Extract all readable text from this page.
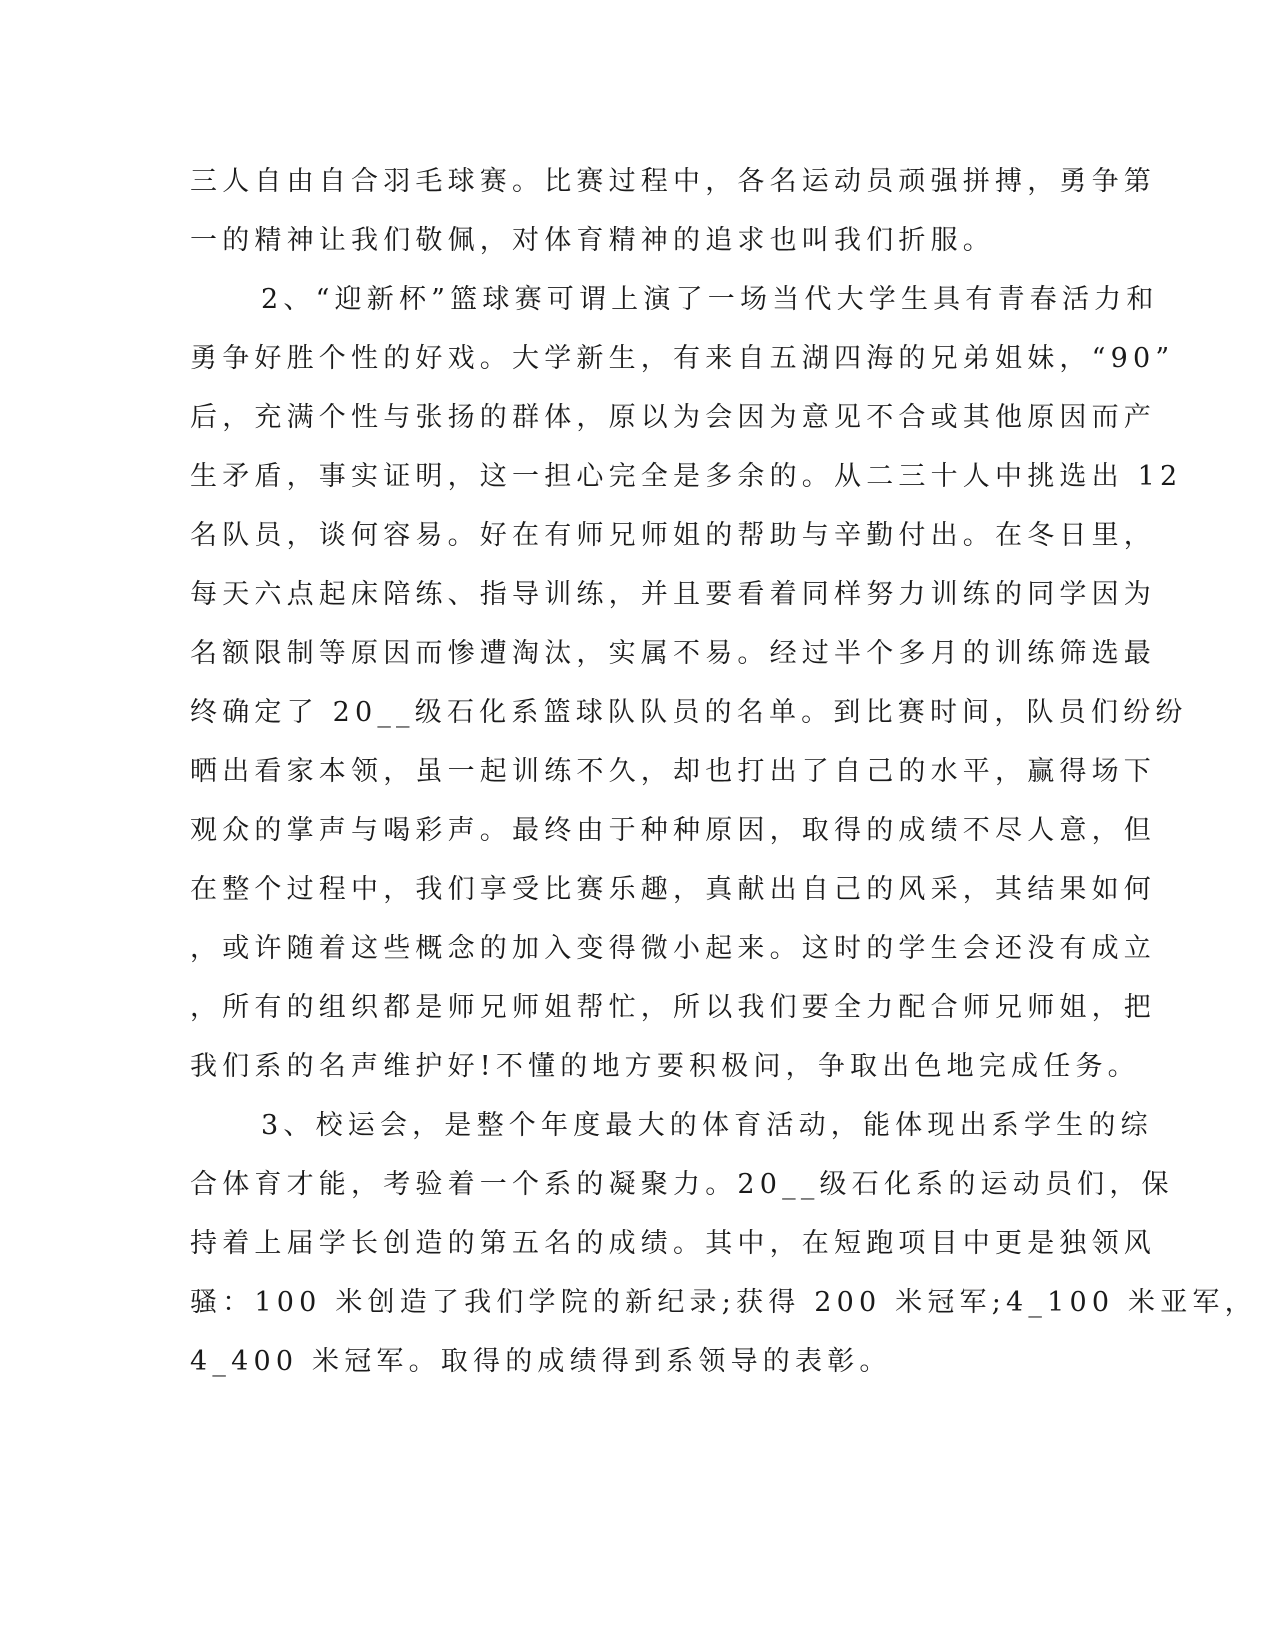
三人自由自合羽毛球赛。比赛过程中，各名运动员顽强拼搏，勇争第

一的精神让我们敬佩，对体育精神的追求也叫我们折服。

2、“迎新杯”篮球赛可谓上演了一场当代大学生具有青春活力和

勇争好胜个性的好戏。大学新生，有来自五湖四海的兄弟姐妹，“90”

后，充满个性与张扬的群体，原以为会因为意见不合或其他原因而产

生矛盾，事实证明，这一担心完全是多余的。从二三十人中挑选出 12

名队员，谈何容易。好在有师兄师姐的帮助与辛勤付出。在冬日里，

每天六点起床陪练、指导训练，并且要看着同样努力训练的同学因为

名额限制等原因而惨遭淘汰，实属不易。经过半个多月的训练筛选最

终确定了 20__级石化系篮球队队员的名单。到比赛时间，队员们纷纷

晒出看家本领，虽一起训练不久，却也打出了自己的水平，赢得场下

观众的掌声与喝彩声。最终由于种种原因，取得的成绩不尽人意，但

在整个过程中，我们享受比赛乐趣，真献出自己的风采，其结果如何

，或许随着这些概念的加入变得微小起来。这时的学生会还没有成立

，所有的组织都是师兄师姐帮忙，所以我们要全力配合师兄师姐，把

我们系的名声维护好!不懂的地方要积极问，争取出色地完成任务。

3、校运会，是整个年度最大的体育活动，能体现出系学生的综

合体育才能，考验着一个系的凝聚力。20__级石化系的运动员们，保

持着上届学长创造的第五名的成绩。其中，在短跑项目中更是独领风

骚：100 米创造了我们学院的新纪录;获得 200 米冠军;4_100 米亚军，

4_400 米冠军。取得的成绩得到系领导的表彰。
